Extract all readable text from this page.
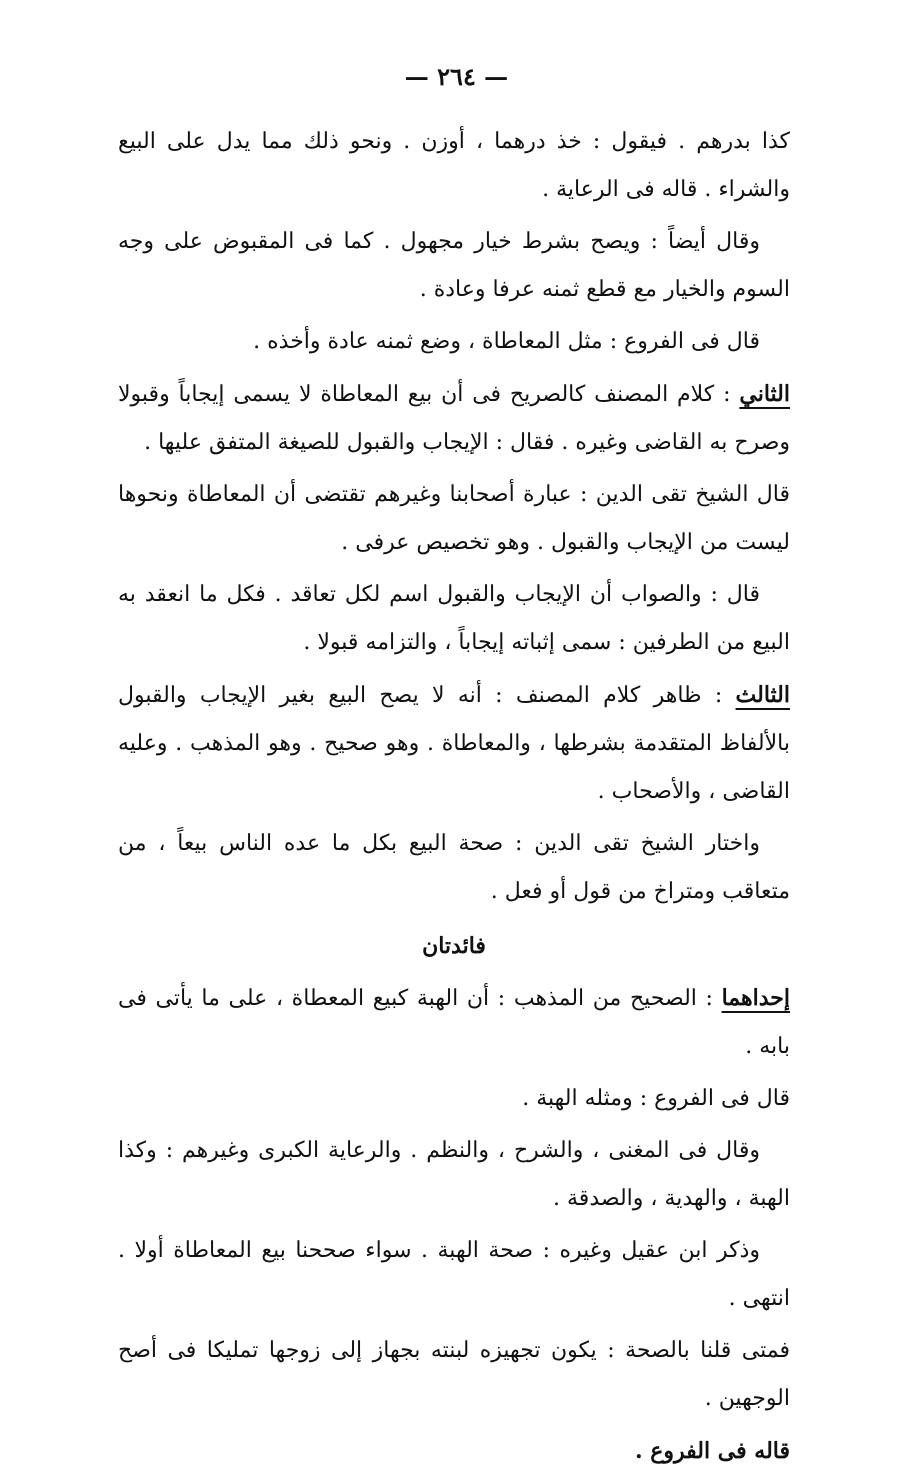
— ٢٦٤ —

كذا بدرهم . فيقول : خذ درهما ، أوزن . ونحو ذلك مما يدل على البيع والشراء . قاله فى الرعاية .

وقال أيضاً : ويصح بشرط خيار مجهول . كما فى المقبوض على وجه السوم والخيار مع قطع ثمنه عرفا وعادة .

قال فى الفروع : مثل المعاطاة ، وضع ثمنه عادة وأخذه .

الثاني : كلام المصنف كالصريح فى أن بيع المعاطاة لا يسمى إيجاباً وقبولا وصرح به القاضى وغيره . فقال : الإيجاب والقبول للصيغة المتفق عليها .

قال الشيخ تقى الدين : عبارة أصحابنا وغيرهم تقتضى أن المعاطاة ونحوها ليست من الإيجاب والقبول . وهو تخصيص عرفى .

قال : والصواب أن الإيجاب والقبول اسم لكل تعاقد . فكل ما انعقد به البيع من الطرفين : سمى إثباته إيجاباً ، والتزامه قبولا .

الثالث : ظاهر كلام المصنف : أنه لا يصح البيع بغير الإيجاب والقبول بالألفاظ المتقدمة بشرطها ، والمعاطاة . وهو صحيح . وهو المذهب . وعليه القاضى ، والأصحاب .

واختار الشيخ تقى الدين : صحة البيع بكل ما عده الناس بيعاً ، من متعاقب ومتراخ من قول أو فعل .

فائدتان

إحداهما : الصحيح من المذهب : أن الهبة كبيع المعطاة ، على ما يأتى فى بابه .

قال فى الفروع : ومثله الهبة .

وقال فى المغنى ، والشرح ، والنظم . والرعاية الكبرى وغيرهم : وكذا الهبة ، والهدية ، والصدقة .

وذكر ابن عقيل وغيره : صحة الهبة . سواء صححنا بيع المعاطاة أولا . انتهى .

فمتى قلنا بالصحة : يكون تجهيزه لبنته بجهاز إلى زوجها تمليكا فى أصح الوجهين .

قاله فى الفروع .
